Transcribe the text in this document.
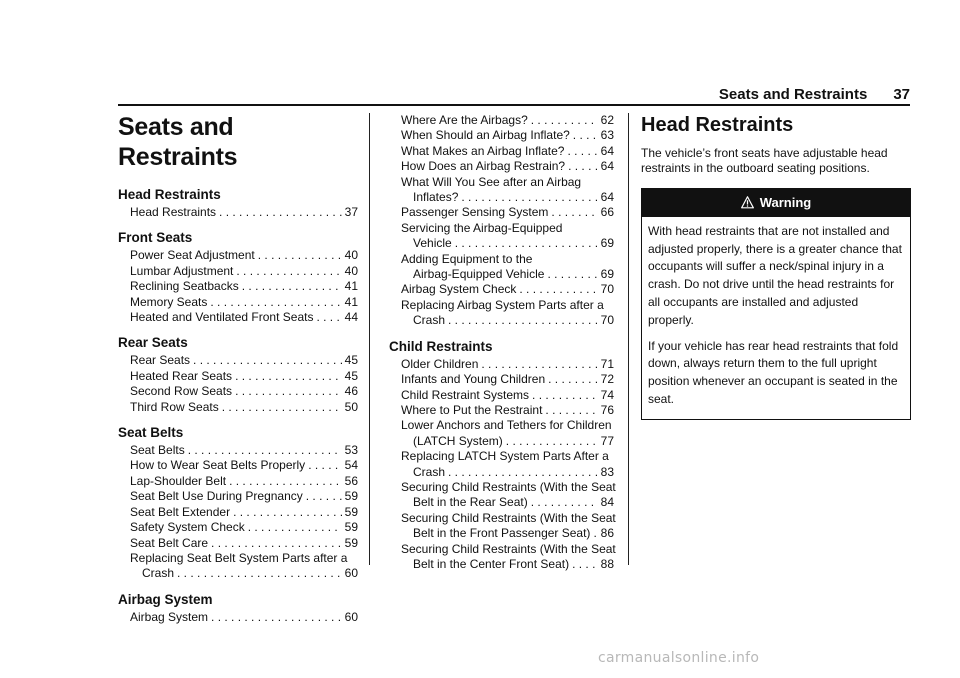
Seats and Restraints 37
Seats and Restraints
Head Restraints
Head Restraints . . .	37
Front Seats
Power Seat Adjustment . . .	40
Lumbar Adjustment . . .	40
Reclining Seatbacks . . .	41
Memory Seats . . .	41
Heated and Ventilated Front Seats . . .	44
Rear Seats
Rear Seats . . .	45
Heated Rear Seats . . .	45
Second Row Seats . . .	46
Third Row Seats . . .	50
Seat Belts
Seat Belts . . .	53
How to Wear Seat Belts Properly . . .	54
Lap-Shoulder Belt . . .	56
Seat Belt Use During Pregnancy . . .	59
Seat Belt Extender . . .	59
Safety System Check . . .	59
Seat Belt Care . . .	59
Replacing Seat Belt System Parts after a
Crash . . .	60
Airbag System
Airbag System . . .	60
Where Are the Airbags? . . .	62
When Should an Airbag Inflate? . . .	63
What Makes an Airbag Inflate? . . .	64
How Does an Airbag Restrain? . . .	64
What Will You See after an Airbag
Inflates? . . .	64
Passenger Sensing System . . .	66
Servicing the Airbag-Equipped
Vehicle . . .	69
Adding Equipment to the
Airbag-Equipped Vehicle . . .	69
Airbag System Check . . .	70
Replacing Airbag System Parts after a
Crash . . .	70
Child Restraints
Older Children . . .	71
Infants and Young Children . . .	72
Child Restraint Systems . . .	74
Where to Put the Restraint . . .	76
Lower Anchors and Tethers for Children
(LATCH System) . . .	77
Replacing LATCH System Parts After a
Crash . . .	83
Securing Child Restraints (With the Seat
Belt in the Rear Seat) . . .	84
Securing Child Restraints (With the Seat
Belt in the Front Passenger Seat) . . . 86
Securing Child Restraints (With the Seat
Belt in the Center Front Seat) . . .	88
Head Restraints

The vehicle’s front seats have adjustable head restraints in the outboard seating positions.

Warning

With head restraints that are not installed and adjusted properly, there is a greater chance that occupants will suffer a neck/spinal injury in a crash. Do not drive until the head restraints for all occupants are installed and adjusted properly.

If your vehicle has rear head restraints that fold down, always return them to the full upright position whenever an occupant is seated in the seat.

carmanualsonline.info
